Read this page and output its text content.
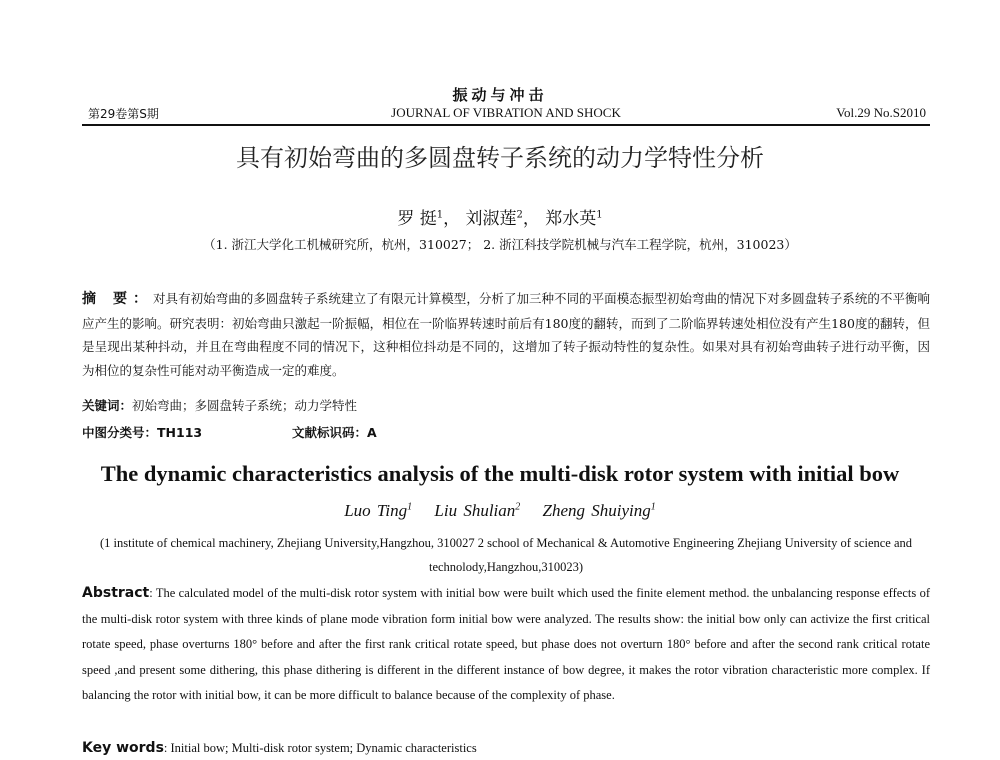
振动与冲击
第29卷第S期	JOURNAL OF VIBRATION AND SHOCK	Vol.29 No.S2010
具有初始弯曲的多圆盘转子系统的动力学特性分析
罗 挺$^1$， 刘淑莲$^2$， 郑水英$^1$
（1. 浙江大学化工机械研究所，杭州，310027； 2. 浙江科技学院机械与汽车工程学院，杭州，310023）
摘 要：对具有初始弯曲的多圆盘转子系统建立了有限元计算模型，分析了加三种不同的平面模态振型初始弯曲的情况下对多圆盘转子系统的不平衡响应产生的影响。研究表明：初始弯曲只激起一阶振幅，相位在一阶临界转速时前后有180度的翻转，而到了二阶临界转速处相位没有产生180度的翻转，但是呈现出某种抖动，并且在弯曲程度不同的情况下，这种相位抖动是不同的，这增加了转子振动特性的复杂性。如果对具有初始弯曲转子进行动平衡，因为相位的复杂性可能对动平衡造成一定的难度。
关键词：初始弯曲；多圆盘转子系统；动力学特性
中图分类号：TH113	文献标识码：A
The dynamic characteristics analysis of the multi-disk rotor system with initial bow
Luo Ting$^1$ Liu Shulian$^2$ Zheng Shuiying$^1$
(1 institute of chemical machinery, Zhejiang University,Hangzhou, 310027 2 school of Mechanical & Automotive Engineering Zhejiang University of science and technolody,Hangzhou,310023)
Abstract: The calculated model of the multi-disk rotor system with initial bow were built which used the finite element method. the unbalancing response effects of the multi-disk rotor system with three kinds of plane mode vibration form initial bow were analyzed. The results show: the initial bow only can activize the first critical rotate speed, phase overturns 180° before and after the first rank critical rotate speed, but phase does not overturn 180° before and after the second rank critical rotate speed ,and present some dithering, this phase dithering is different in the different instance of bow degree, it makes the rotor vibration characteristic more complex. If balancing the rotor with initial bow, it can be more difficult to balance because of the complexity of phase.
Key words: Initial bow; Multi-disk rotor system; Dynamic characteristics
